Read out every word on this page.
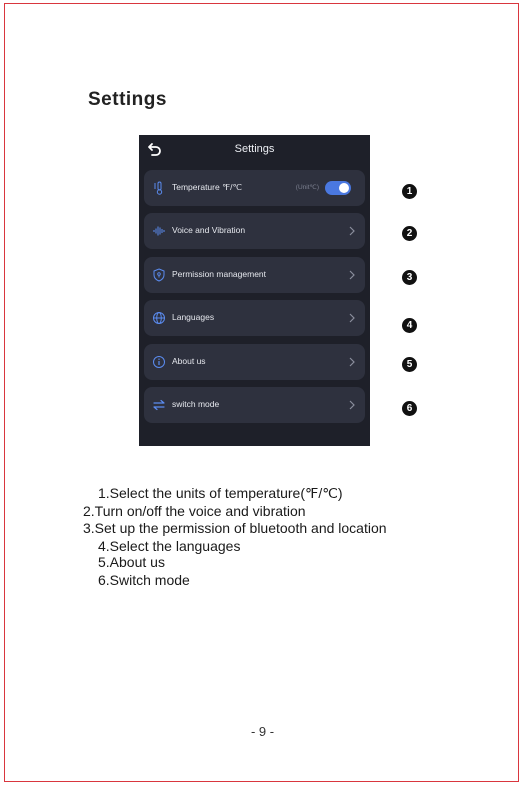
Settings
Settings
Temperature ℉/℃	(Unit℃)
Voice and Vibration
Permission management
Languages
About us
switch mode
1
2
3
4
5
6
1.Select the units of temperature(℉/℃)
2.Turn on/off the voice and vibration
3.Set up the permission of bluetooth and location
4.Select the languages
5.About us
6.Switch mode
- 9 -
